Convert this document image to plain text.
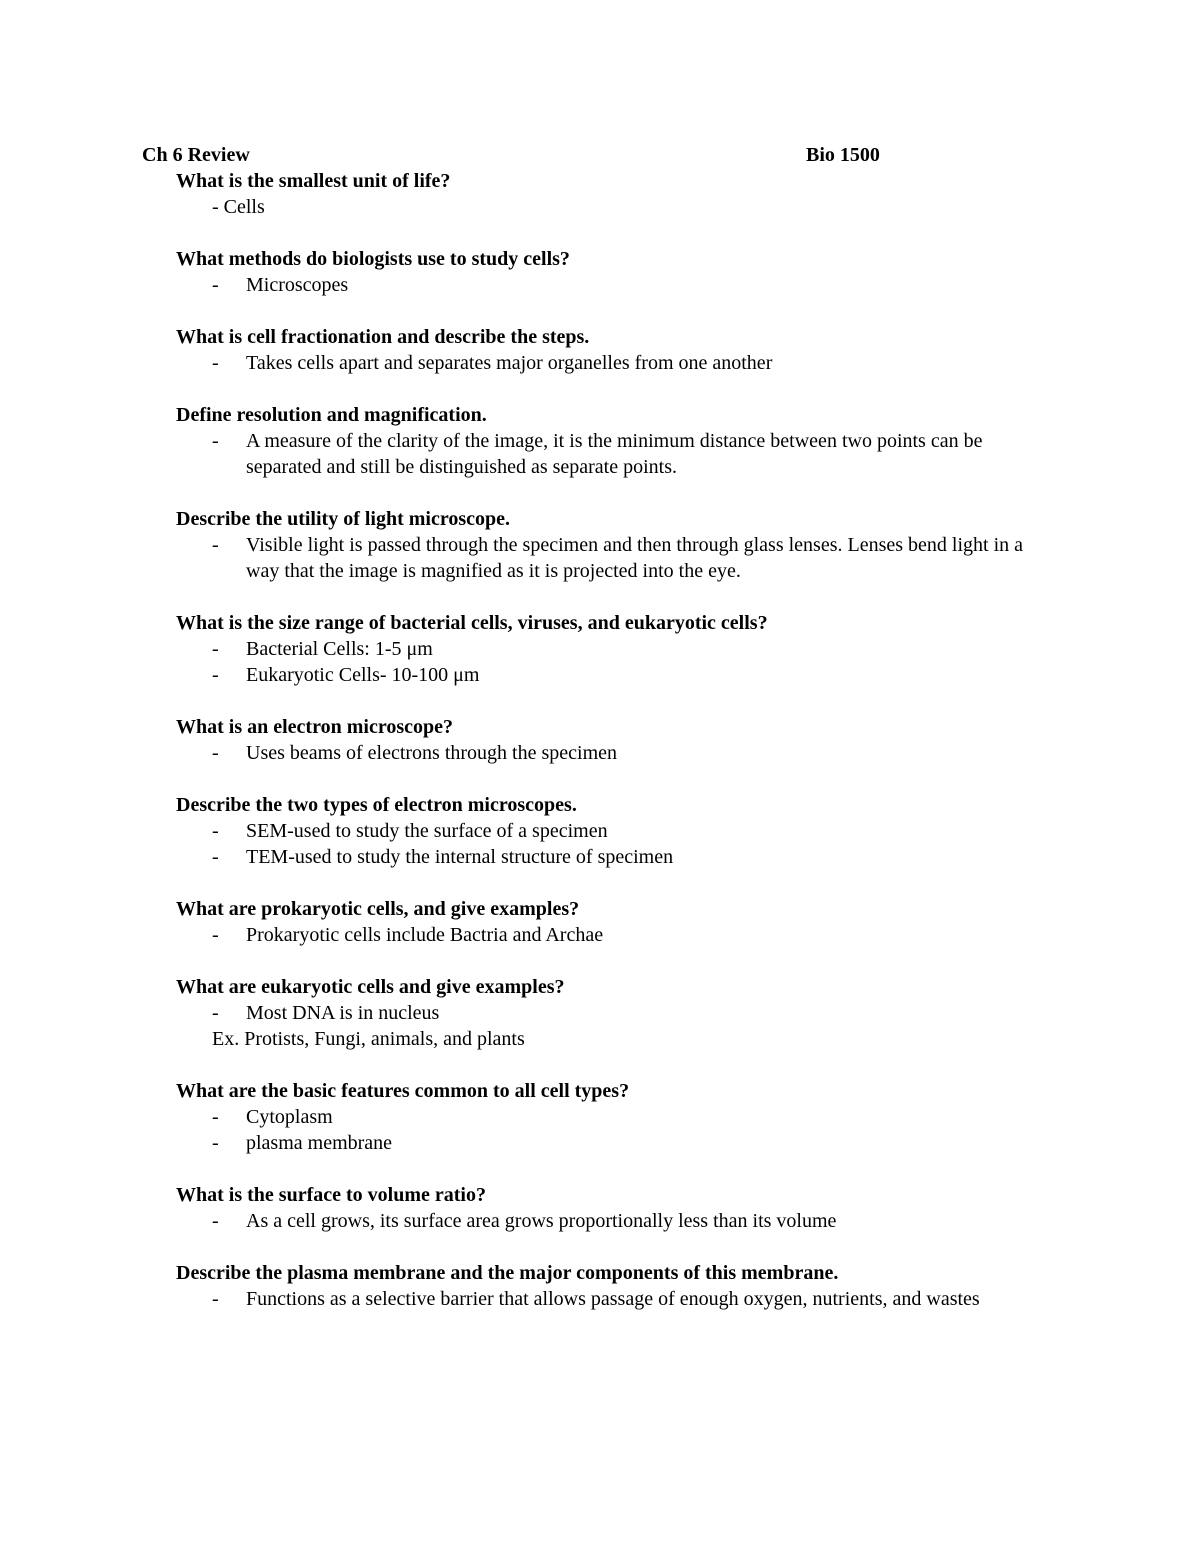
Ch 6 Review	Bio 1500
What is the smallest unit of life?
- Cells
What methods do biologists use to study cells?
- Microscopes
What is cell fractionation and describe the steps.
- Takes cells apart and separates major organelles from one another
Define resolution and magnification.
- A measure of the clarity of the image, it is the minimum distance between two points can be separated and still be distinguished as separate points.
Describe the utility of light microscope.
- Visible light is passed through the specimen and then through glass lenses. Lenses bend light in a way that the image is magnified as it is projected into the eye.
What is the size range of bacterial cells, viruses, and eukaryotic cells?
- Bacterial Cells: 1-5 μm
- Eukaryotic Cells- 10-100 μm
What is an electron microscope?
- Uses beams of electrons through the specimen
Describe the two types of electron microscopes.
- SEM-used to study the surface of a specimen
- TEM-used to study the internal structure of specimen
What are prokaryotic cells, and give examples?
- Prokaryotic cells include Bactria and Archae
What are eukaryotic cells and give examples?
- Most DNA is in nucleus
Ex. Protists, Fungi, animals, and plants
What are the basic features common to all cell types?
- Cytoplasm
- plasma membrane
What is the surface to volume ratio?
- As a cell grows, its surface area grows proportionally less than its volume
Describe the plasma membrane and the major components of this membrane.
- Functions as a selective barrier that allows passage of enough oxygen, nutrients, and wastes
